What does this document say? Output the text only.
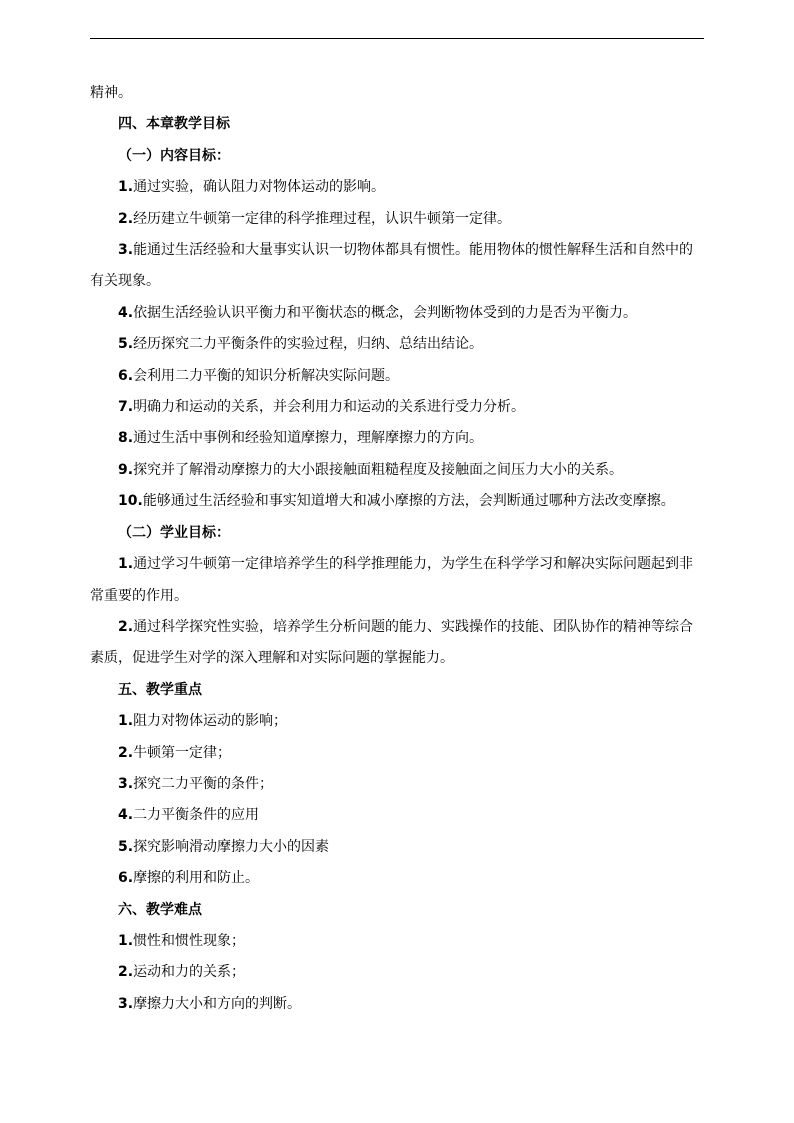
精神。

四、本章教学目标

（一）内容目标：

1.通过实验，确认阻力对物体运动的影响。

2.经历建立牛顿第一定律的科学推理过程，认识牛顿第一定律。

3.能通过生活经验和大量事实认识一切物体都具有惯性。能用物体的惯性解释生活和自然中的有关现象。

4.依据生活经验认识平衡力和平衡状态的概念，会判断物体受到的力是否为平衡力。

5.经历探究二力平衡条件的实验过程，归纳、总结出结论。

6.会利用二力平衡的知识分析解决实际问题。

7.明确力和运动的关系，并会利用力和运动的关系进行受力分析。

8.通过生活中事例和经验知道摩擦力，理解摩擦力的方向。

9.探究并了解滑动摩擦力的大小跟接触面粗糙程度及接触面之间压力大小的关系。

10.能够通过生活经验和事实知道增大和减小摩擦的方法，会判断通过哪种方法改变摩擦。

（二）学业目标：

1.通过学习牛顿第一定律培养学生的科学推理能力，为学生在科学学习和解决实际问题起到非常重要的作用。

2.通过科学探究性实验，培养学生分析问题的能力、实践操作的技能、团队协作的精神等综合素质，促进学生对学的深入理解和对实际问题的掌握能力。

五、教学重点

1.阻力对物体运动的影响；

2.牛顿第一定律；

3.探究二力平衡的条件；

4.二力平衡条件的应用

5.探究影响滑动摩擦力大小的因素

6.摩擦的利用和防止。

六、教学难点

1.惯性和惯性现象；

2.运动和力的关系；

3.摩擦力大小和方向的判断。
